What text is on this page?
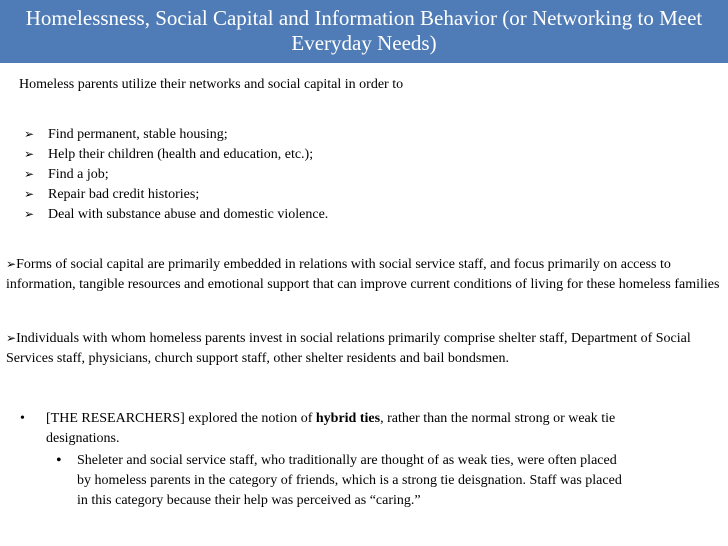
Homelessness, Social Capital and Information Behavior (or Networking to Meet Everyday Needs)
Homeless parents utilize their networks and social capital in order to
➢ Find permanent, stable housing;
➢ Help their children (health and education, etc.);
➢ Find a job;
➢ Repair bad credit histories;
➢ Deal with substance abuse and domestic violence.
➢Forms of social capital are primarily embedded in relations with social service staff, and focus primarily on access to information, tangible resources and emotional support that can improve current conditions of living for these homeless families
➢Individuals with whom homeless parents invest in social relations primarily comprise shelter staff, Department of Social Services staff, physicians, church support staff, other shelter residents and bail bondsmen.
• [THE RESEARCHERS] explored the notion of hybrid ties, rather than the normal strong or weak tie designations.
• Sheleter and social service staff, who traditionally are thought of as weak ties, were often placed by homeless parents in the category of friends, which is a strong tie deisgnation. Staff was placed in this category because their help was perceived as “caring.”
